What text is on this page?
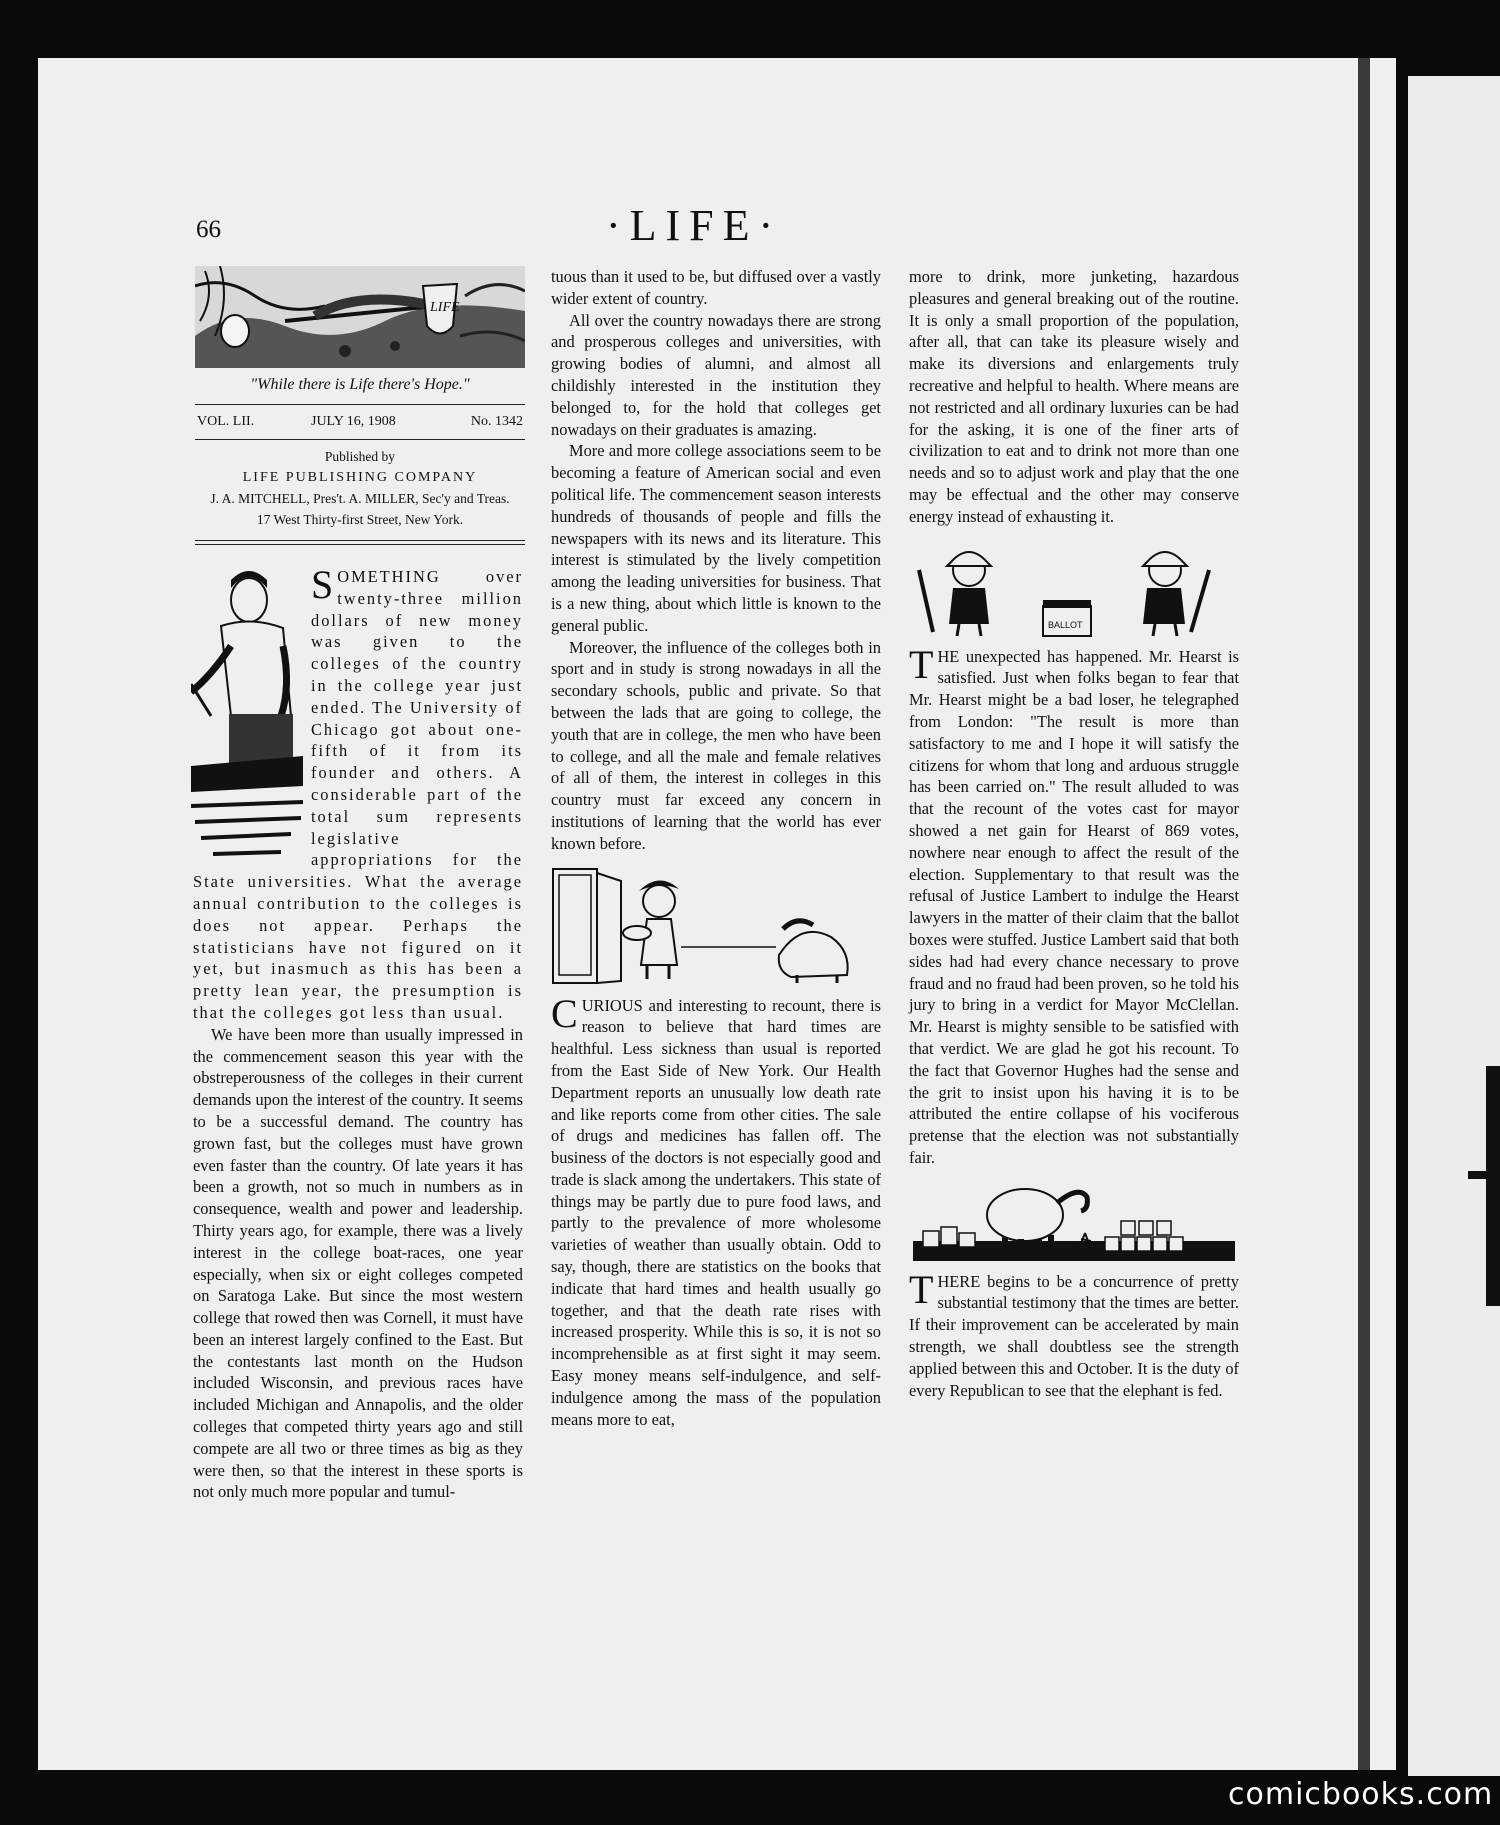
66	·LIFE·
LIFE
"While there is Life there's Hope."
VOL. LII.	JULY 16, 1908	No. 1342
Published by
LIFE PUBLISHING COMPANY
J. A. MITCHELL, Pres't. A. MILLER, Sec'y and Treas.
17 West Thirty-first Street, New York.

SOMETHING over twenty-three million dollars of new money was given to the colleges of the country in the college year just ended. The University of Chicago got about one-fifth of it from its founder and others. A considerable part of the total sum represents legislative appropriations for the State universities. What the average annual contribution to the colleges is does not appear. Perhaps the statisticians have not figured on it yet, but inasmuch as this has been a pretty lean year, the presumption is that the colleges got less than usual.

We have been more than usually impressed in the commencement season this year with the obstreperousness of the colleges in their current demands upon the interest of the country. It seems to be a successful demand. The country has grown fast, but the colleges must have grown even faster than the country. Of late years it has been a growth, not so much in numbers as in consequence, wealth and power and leadership. Thirty years ago, for example, there was a lively interest in the college boat-races, one year especially, when six or eight colleges competed on Saratoga Lake. But since the most western college that rowed then was Cornell, it must have been an interest largely confined to the East. But the contestants last month on the Hudson included Wisconsin, and previous races have included Michigan and Annapolis, and the older colleges that competed thirty years ago and still compete are all two or three times as big as they were then, so that the interest in these sports is not only much more popular and tumul-

tuous than it used to be, but diffused over a vastly wider extent of country.

All over the country nowadays there are strong and prosperous colleges and universities, with growing bodies of alumni, and almost all childishly interested in the institution they belonged to, for the hold that colleges get nowadays on their graduates is amazing.

More and more college associations seem to be becoming a feature of American social and even political life. The commencement season interests hundreds of thousands of people and fills the newspapers with its news and its literature. This interest is stimulated by the lively competition among the leading universities for business. That is a new thing, about which little is known to the general public.

Moreover, the influence of the colleges both in sport and in study is strong nowadays in all the secondary schools, public and private. So that between the lads that are going to college, the youth that are in college, the men who have been to college, and all the male and female relatives of all of them, the interest in colleges in this country must far exceed any concern in institutions of learning that the world has ever known before.

CURIOUS and interesting to recount, there is reason to believe that hard times are healthful. Less sickness than usual is reported from the East Side of New York. Our Health Department reports an unusually low death rate and like reports come from other cities. The sale of drugs and medicines has fallen off. The business of the doctors is not especially good and trade is slack among the undertakers. This state of things may be partly due to pure food laws, and partly to the prevalence of more wholesome varieties of weather than usually obtain. Odd to say, though, there are statistics on the books that indicate that hard times and health usually go together, and that the death rate rises with increased prosperity. While this is so, it is not so incomprehensible as at first sight it may seem. Easy money means self-indulgence, and self-indulgence among the mass of the population means more to eat,

more to drink, more junketing, hazardous pleasures and general breaking out of the routine. It is only a small proportion of the population, after all, that can take its pleasure wisely and make its diversions and enlargements truly recreative and helpful to health. Where means are not restricted and all ordinary luxuries can be had for the asking, it is one of the finer arts of civilization to eat and to drink not more than one needs and so to adjust work and play that the one may be effectual and the other may conserve energy instead of exhausting it.

BALLOT

THE unexpected has happened. Mr. Hearst is satisfied. Just when folks began to fear that Mr. Hearst might be a bad loser, he telegraphed from London: "The result is more than satisfactory to me and I hope it will satisfy the citizens for whom that long and arduous struggle has been carried on." The result alluded to was that the recount of the votes cast for mayor showed a net gain for Hearst of 869 votes, nowhere near enough to affect the result of the election. Supplementary to that result was the refusal of Justice Lambert to indulge the Hearst lawyers in the matter of their claim that the ballot boxes were stuffed. Justice Lambert said that both sides had had every chance necessary to prove fraud and no fraud had been proven, so he told his jury to bring in a verdict for Mayor McClellan. Mr. Hearst is mighty sensible to be satisfied with that verdict. We are glad he got his recount. To the fact that Governor Hughes had the sense and the grit to insist upon his having it is to be attributed the entire collapse of his vociferous pretense that the election was not substantially fair.

THERE begins to be a concurrence of pretty substantial testimony that the times are better. If their improvement can be accelerated by main strength, we shall doubtless see the strength applied between this and October. It is the duty of every Republican to see that the elephant is fed.

comicbooks.com
